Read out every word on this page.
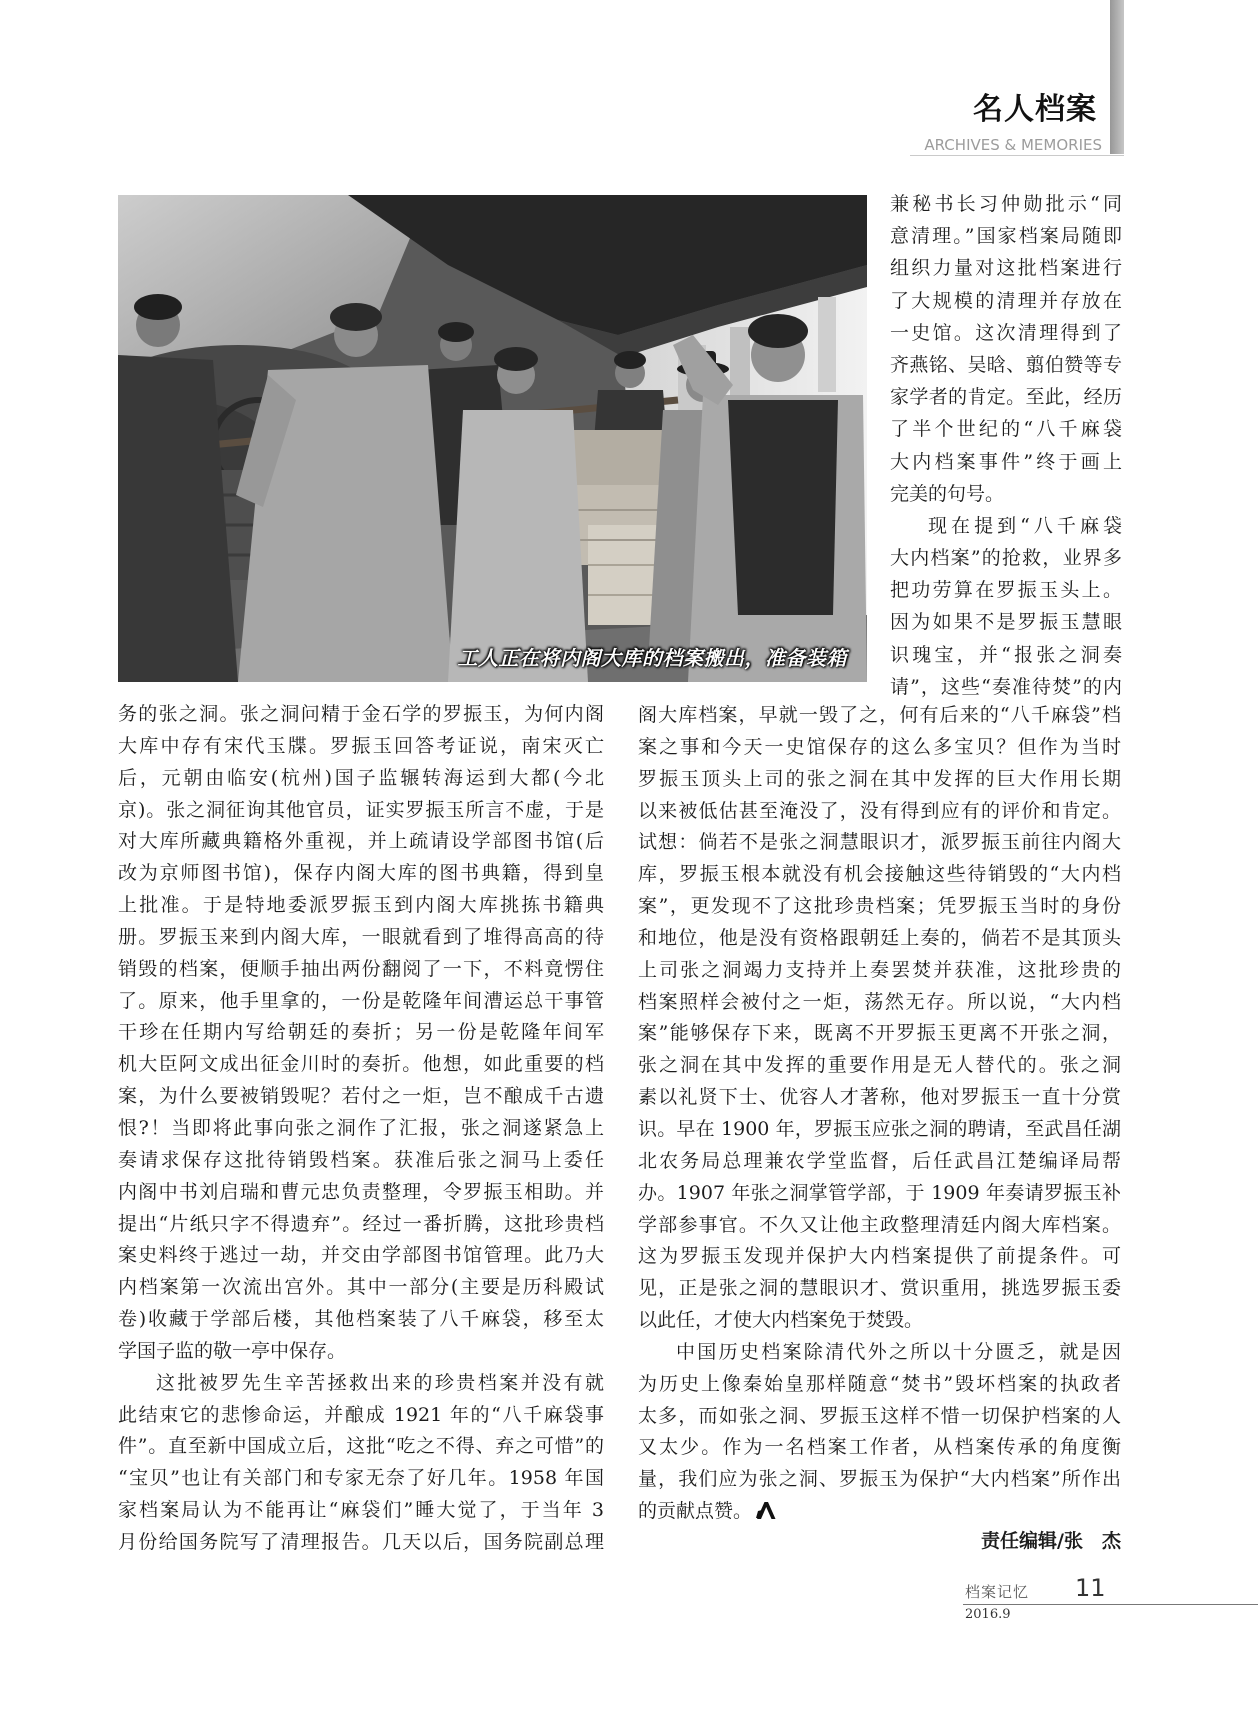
名人档案
ARCHIVES & MEMORIES
工人正在将内阁大库的档案搬出，准备装箱
务的张之洞。张之洞问精于金石学的罗振玉，为何内阁
大库中存有宋代玉牒。罗振玉回答考证说，南宋灭亡
后，元朝由临安(杭州)国子监辗转海运到大都(今北
京)。张之洞征询其他官员，证实罗振玉所言不虚，于是
对大库所藏典籍格外重视，并上疏请设学部图书馆(后
改为京师图书馆)，保存内阁大库的图书典籍，得到皇
上批准。于是特地委派罗振玉到内阁大库挑拣书籍典
册。罗振玉来到内阁大库，一眼就看到了堆得高高的待
销毁的档案，便顺手抽出两份翻阅了一下，不料竟愣住
了。原来，他手里拿的，一份是乾隆年间漕运总干事管
干珍在任期内写给朝廷的奏折；另一份是乾隆年间军
机大臣阿文成出征金川时的奏折。他想，如此重要的档
案，为什么要被销毁呢？若付之一炬，岂不酿成千古遗
恨?！当即将此事向张之洞作了汇报，张之洞遂紧急上
奏请求保存这批待销毁档案。获准后张之洞马上委任
内阁中书刘启瑞和曹元忠负责整理，令罗振玉相助。并
提出“片纸只字不得遗弃”。经过一番折腾，这批珍贵档
案史料终于逃过一劫，并交由学部图书馆管理。此乃大
内档案第一次流出宫外。其中一部分(主要是历科殿试
卷)收藏于学部后楼，其他档案装了八千麻袋，移至太
学国子监的敬一亭中保存。
这批被罗先生辛苦拯救出来的珍贵档案并没有就
此结束它的悲惨命运，并酿成 1921 年的“八千麻袋事
件”。直至新中国成立后，这批“吃之不得、弃之可惜”的
“宝贝”也让有关部门和专家无奈了好几年。1958 年国
家档案局认为不能再让“麻袋们”睡大觉了，于当年 3
月份给国务院写了清理报告。几天以后，国务院副总理
兼秘书长习仲勋批示“同
意清理。”国家档案局随即
组织力量对这批档案进行
了大规模的清理并存放在
一史馆。这次清理得到了
齐燕铭、吴晗、翦伯赞等专
家学者的肯定。至此，经历
了半个世纪的“八千麻袋
大内档案事件”终于画上
完美的句号。
现在提到“八千麻袋
大内档案”的抢救，业界多
把功劳算在罗振玉头上。
因为如果不是罗振玉慧眼
识瑰宝，并“报张之洞奏
请”，这些“奏准待焚”的内
阁大库档案，早就一毁了之，何有后来的“八千麻袋”档
案之事和今天一史馆保存的这么多宝贝？但作为当时
罗振玉顶头上司的张之洞在其中发挥的巨大作用长期
以来被低估甚至淹没了，没有得到应有的评价和肯定。
试想：倘若不是张之洞慧眼识才，派罗振玉前往内阁大
库，罗振玉根本就没有机会接触这些待销毁的“大内档
案”，更发现不了这批珍贵档案；凭罗振玉当时的身份
和地位，他是没有资格跟朝廷上奏的，倘若不是其顶头
上司张之洞竭力支持并上奏罢焚并获准，这批珍贵的
档案照样会被付之一炬，荡然无存。所以说，“大内档
案”能够保存下来，既离不开罗振玉更离不开张之洞，
张之洞在其中发挥的重要作用是无人替代的。张之洞
素以礼贤下士、优容人才著称，他对罗振玉一直十分赏
识。早在 1900 年，罗振玉应张之洞的聘请，至武昌任湖
北农务局总理兼农学堂监督，后任武昌江楚编译局帮
办。1907 年张之洞掌管学部，于 1909 年奏请罗振玉补
学部参事官。不久又让他主政整理清廷内阁大库档案。
这为罗振玉发现并保护大内档案提供了前提条件。可
见，正是张之洞的慧眼识才、赏识重用，挑选罗振玉委
以此任，才使大内档案免于焚毁。
中国历史档案除清代外之所以十分匮乏，就是因
为历史上像秦始皇那样随意“焚书”毁坏档案的执政者
太多，而如张之洞、罗振玉这样不惜一切保护档案的人
又太少。作为一名档案工作者，从档案传承的角度衡
量，我们应为张之洞、罗振玉为保护“大内档案”所作出
的贡献点赞。
责任编辑/张　杰
档案记忆 11
2016.9
